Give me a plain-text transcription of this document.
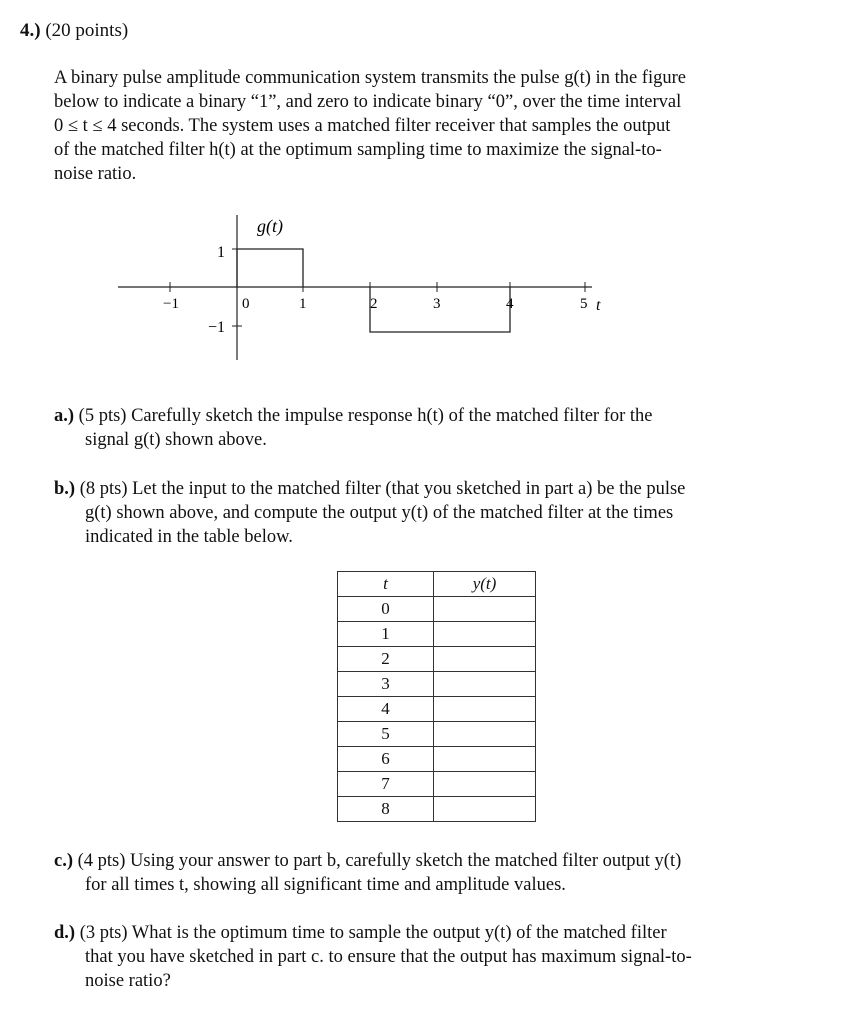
4.) (20 points)
A binary pulse amplitude communication system transmits the pulse g(t) in the figure
below to indicate a binary “1”, and zero to indicate binary “0”, over the time interval
0 ≤ t ≤ 4 seconds. The system uses a matched filter receiver that samples the output
of the matched filter h(t) at the optimum sampling time to maximize the signal-to-
noise ratio.
g(t)
t
−1	0	1	2	3	4	5
1
−1
a.) (5 pts) Carefully sketch the impulse response h(t) of the matched filter for the
signal g(t) shown above.
b.) (8 pts) Let the input to the matched filter (that you sketched in part a) be the pulse
g(t) shown above, and compute the output y(t) of the matched filter at the times
indicated in the table below.
t	y(t)
0	
1	
2	
3	
4	
5	
6	
7	
8	
c.) (4 pts) Using your answer to part b, carefully sketch the matched filter output y(t)
for all times t, showing all significant time and amplitude values.
d.) (3 pts) What is the optimum time to sample the output y(t) of the matched filter
that you have sketched in part c. to ensure that the output has maximum signal-to-
noise ratio?
